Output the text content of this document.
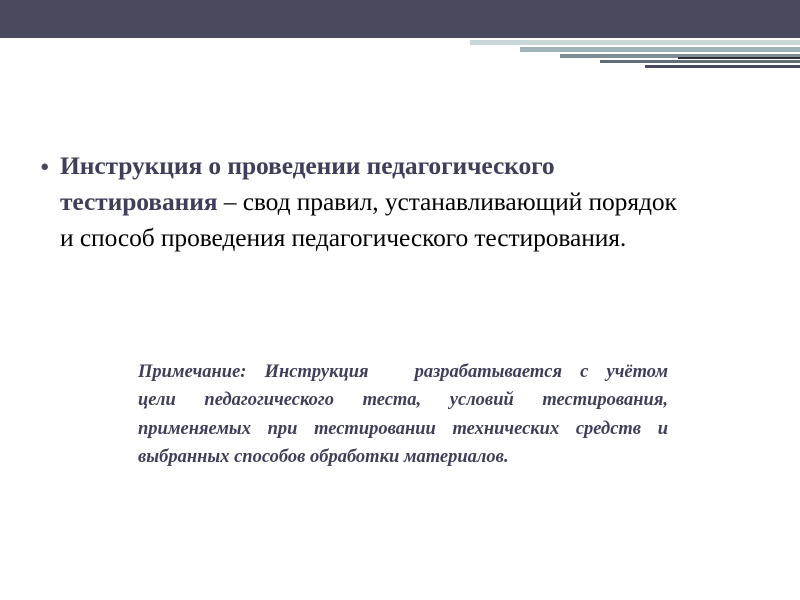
• Инструкция о проведении педагогического тестирования – свод правил, устанавливающий порядок и способ проведения педагогического тестирования.
Примечание: Инструкция разрабатывается с учётом цели педагогического теста, условий тестирования, применяемых при тестировании технических средств и выбранных способов обработки материалов.
